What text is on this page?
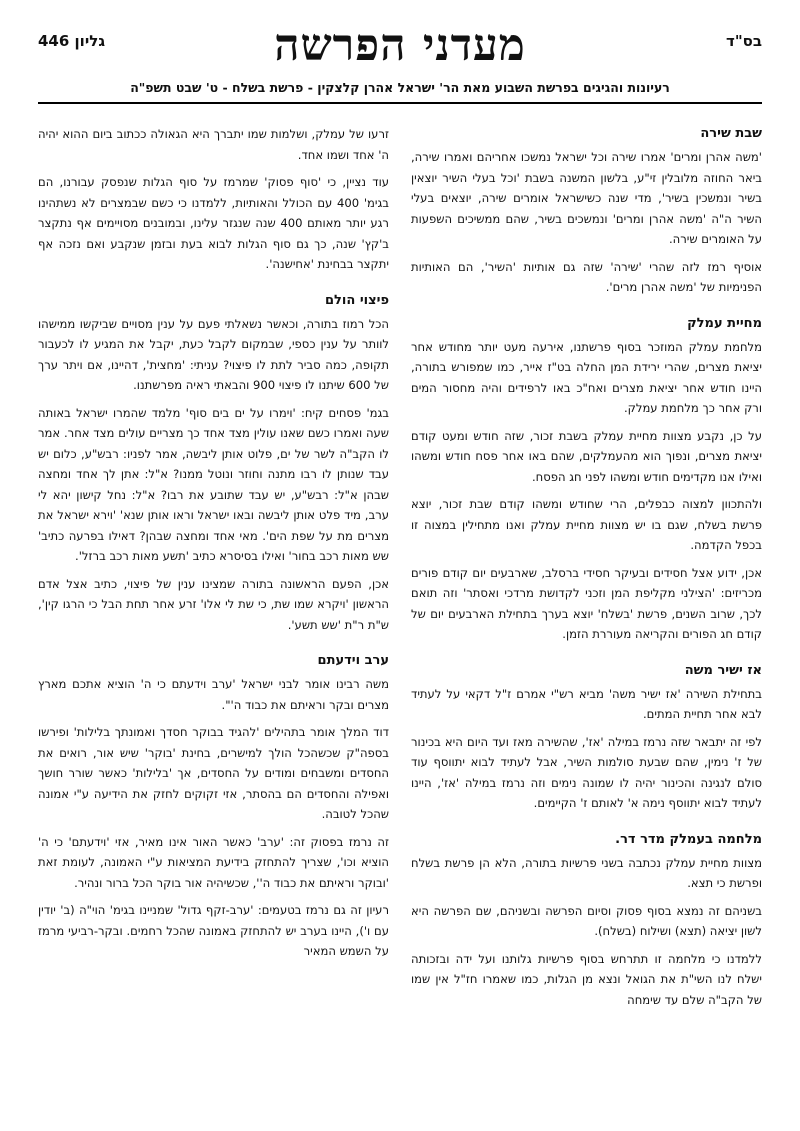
בס"ד
גליון 446	מעדני הפרשה
רעיונות והגיגים בפרשת השבוע מאת הר' ישראל אהרן קלצקין - פרשת בשלח - ט' שבט תשפ"ה
שבת שירה

'משה אהרן ומרים' אמרו שירה וכל ישראל נמשכו אחריהם ואמרו שירה, ביאר החוזה מלובלין זי"ע, בלשון המשנה בשבת 'וכל בעלי השיר יוצאין בשיר ונמשכין בשיר', מדי שנה כשישראל אומרים שירה, יוצאים בעלי השיר ה"ה 'משה אהרן ומרים' ונמשכים בשיר, שהם ממשיכים השפעות על האומרים שירה.

אוסיף רמז לזה שהרי 'שירה' שזה גם אותיות 'השיר', הם האותיות הפנימיות של 'משה אהרן מרים'.

מחיית עמלק

מלחמת עמלק המוזכר בסוף פרשתנו, אירעה מעט יותר מחודש אחר יציאת מצרים, שהרי ירידת המן החלה בט"ז אייר, כמו שמפורש בתורה, היינו חודש אחר יציאת מצרים ואח"כ באו לרפידים והיה מחסור המים ורק אחר כך מלחמת עמלק.

על כן, נקבע מצוות מחיית עמלק בשבת זכור, שזה חודש ומעט קודם יציאת מצרים, ונפוך הוא מהעמלקים, שהם באו אחר פסח חודש ומשהו ואילו אנו מקדימים חודש ומשהו לפני חג הפסח.

ולהתכוון למצוה כבפלים, הרי שחודש ומשהו קודם שבת זכור, יוצא פרשת בשלח, שגם בו יש מצוות מחיית עמלק ואנו מתחילין במצוה זו בכפל הקדמה.

אכן, ידוע אצל חסידים ובעיקר חסידי ברסלב, שארבעים יום קודם פורים מכריזים: 'הצילני מקליפת המן וזכני לקדושת מרדכי ואסתר' וזה תואם לכך, שרוב השנים, פרשת 'בשלח' יוצא בערך בתחילת הארבעים יום של קודם חג הפורים והקריאה מעוררת הזמן.

אז ישיר משה

בתחילת השירה 'אז ישיר משה' מביא רש"י אמרם ז"ל דקאי על לעתיד לבא אחר תחיית המתים.

לפי זה יתבאר שזה נרמז במילה 'אז', שהשירה מאז ועד היום היא בכינור של ז' נימין, שהם שבעת סולמות השיר, אבל לעתיד לבוא יתווסף עוד סולם לנגינה והכינור יהיה לו שמונה נימים וזה נרמז במילה 'אז', היינו לעתיד לבוא יתווסף נימה א' לאותם ז' הקיימים.

מלחמה בעמלק מדר דר.

מצוות מחיית עמלק נכתבה בשני פרשיות בתורה, הלא הן פרשת בשלח ופרשת כי תצא.

בשניהם זה נמצא בסוף פסוק וסיום הפרשה ובשניהם, שם הפרשה היא לשון יציאה (תצא) ושילוח (בשלח).

ללמדנו כי מלחמה זו תתרחש בסוף פרשיות גלותנו ועל ידה ובזכותה ישלח לנו השי"ת את הגואל ונצא מן הגלות, כמו שאמרו חז"ל אין שמו של הקב"ה שלם עד שימחה

זרעו של עמלק, ושלמות שמו יתברך היא הגאולה ככתוב ביום ההוא יהיה ה' אחד ושמו אחד.

עוד נציין, כי 'סוף פסוק' שמרמז על סוף הגלות שנפסק עבורנו, הם בגימ' 400 עם הכולל והאותיות, ללמדנו כי כשם שבמצרים לא נשתהינו רגע יותר מאותם 400 שנה שנגזר עלינו, ובמובנים מסויימים אף נתקצר ב'קץ' שנה, כך גם סוף הגלות לבוא בעת ובזמן שנקבע ואם נזכה אף יתקצר בבחינת 'אחישנה'.

פיצוי הולם

הכל רמוז בתורה, וכאשר נשאלתי פעם על ענין מסויים שביקשו ממישהו לוותר על ענין כספי, שבמקום לקבל כעת, יקבל את המגיע לו לכעבור תקופה, כמה סביר לתת לו פיצוי? עניתי: 'מחצית', דהיינו, אם ויתר ערך של 600 שיתנו לו פיצוי 900 והבאתי ראיה מפרשתנו.

בגמ' פסחים קיח: 'וימרו על ים בים סוף' מלמד שהמרו ישראל באותה שעה ואמרו כשם שאנו עולין מצד אחד כך מצריים עולים מצד אחר. אמר לו הקב"ה לשר של ים, פלוט אותן ליבשה, אמר לפניו: רבש"ע, כלום יש עבד שנותן לו רבו מתנה וחוזר ונוטל ממנו? א"ל: אתן לך אחד ומחצה שבהן א"ל: רבש"ע, יש עבד שתובע את רבו? א"ל: נחל קישון יהא לי ערב, מיד פלט אותן ליבשה ובאו ישראל וראו אותן שנא' 'וירא ישראל את מצרים מת על שפת הים'. מאי אחד ומחצה שבהן? דאילו בפרעה כתיב' שש מאות רכב בחור' ואילו בסיסרא כתיב 'תשע מאות רכב ברזל'.

אכן, הפעם הראשונה בתורה שמצינו ענין של פיצוי, כתיב אצל אדם הראשון 'ויקרא שמו שת, כי שת לי אלו' זרע אחר תחת הבל כי הרגו קין', ש"ת ר"ת 'שש תשע'.

ערב וידעתם

משה רבינו אומר לבני ישראל 'ערב וידעתם כי ה' הוציא אתכם מארץ מצרים ובקר וראיתם את כבוד ה'".

דוד המלך אומר בתהילים 'להגיד בבוקר חסדך ואמונתך בלילות' ופירשו בספה"ק שכשהכל הולך למישרים, בחינת 'בוקר' שיש אור, רואים את החסדים ומשבחים ומודים על החסדים, אך 'בלילות' כאשר שורר חושך ואפילה והחסדים הם בהסתר, אזי זקוקים לחזק את הידיעה ע"י אמונה שהכל לטובה.

זה נרמז בפסוק זה: 'ערב' כאשר האור אינו מאיר, אזי 'וידעתם' כי ה' הוציא וכו', שצריך להתחזק בידיעת המציאות ע"י האמונה, לעומת זאת 'ובוקר וראיתם את כבוד ה'', שכשיהיה אור בוקר הכל ברור ונהיר.

רעיון זה גם נרמז בטעמים: 'ערב-זקף גדול' שמניינו בגימ' הוי"ה (ב' יודין עם ו'), היינו בערב יש להתחזק באמונה שהכל רחמים. ובקר-רביעי מרמז על השמש המאיר
